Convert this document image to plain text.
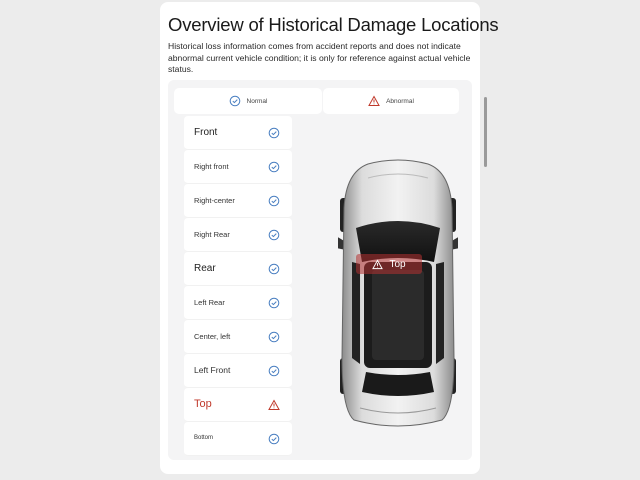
Overview of Historical Damage Locations
Historical loss information comes from accident reports and does not indicate abnormal current vehicle condition; it is only for reference against actual vehicle status.
Normal	Abnormal
Front
Right front
Right-center
Right Rear
Rear
Left Rear
Center, left
Left Front
Top
Bottom
Top
